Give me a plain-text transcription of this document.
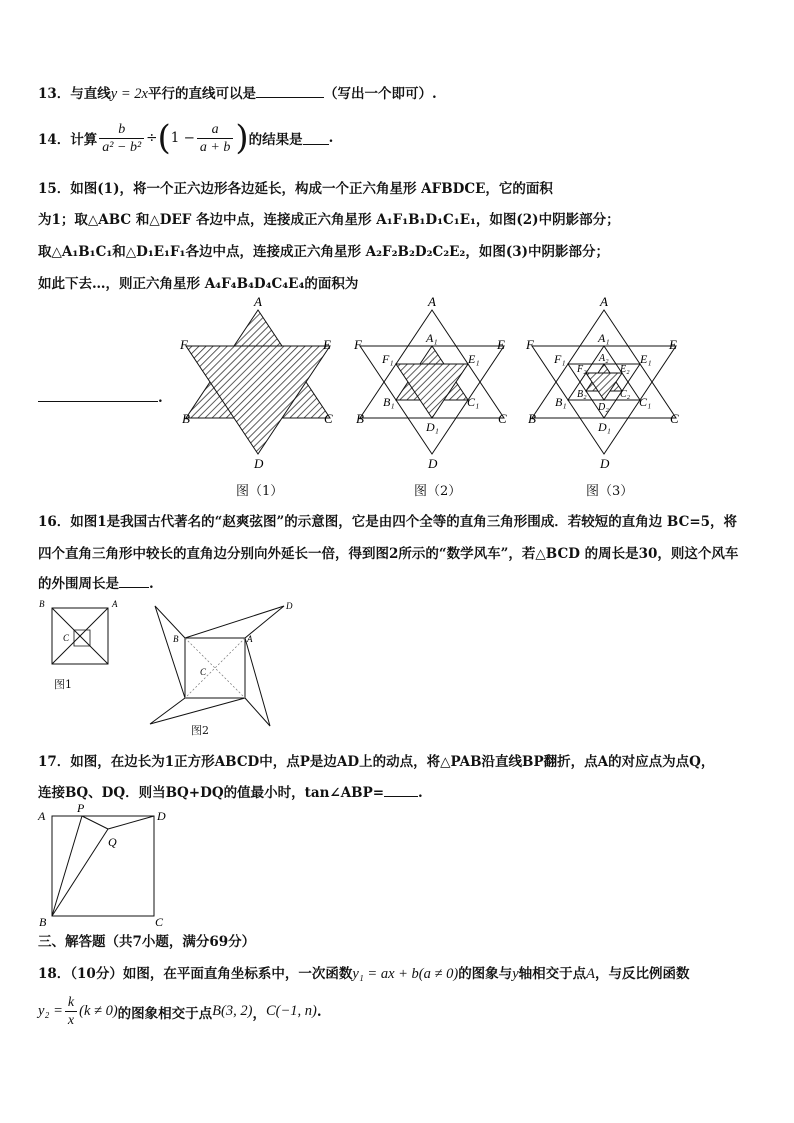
13．与直线y = 2x平行的直线可以是	（写出一个即可）.
14．计算 $\frac{b}{\text{a² − b²}}$ ÷ ( $1 - \frac{a}{a + b}$ ) 的结果是 .
15．如图(1)，将一个正六边形各边延长，构成一个正六角星形 AFBDCE，它的面积
为1；取△ABC 和△DEF 各边中点，连接成正六角星形 A₁F₁B₁D₁C₁E₁，如图(2)中阴影部分；
取△A₁B₁C₁和△D₁E₁F₁各边中点，连接成正六角星形 A₂F₂B₂D₂C₂E₂，如图(3)中阴影部分；
如此下去…，则正六角星形 A₄F₄B₄D₄C₄E₄的面积为
.
A
F	E
B	C
D
A
F	E
B	C
D
A₁
F₁	E₁
B₁	C₁
D₁
A
F	E
B	C
D
A₁
F₁	E₁
B₁	C₁
D₁
A₂
F₂	E₂
B₂	C₂
D₂
图（1）	图（2）	图（3）
16．如图1是我国古代著名的“赵爽弦图”的示意图，它是由四个全等的直角三角形围成．若较短的直角边 BC=5，将
四个直角三角形中较长的直角边分别向外延长一倍，得到图2所示的“数学风车”，若△BCD 的周长是30，则这个风车
的外围周长是 .
B	A
C	B	A
D
C
图1
图2
17．如图，在边长为1正方形ABCD中，点P是边AD上的动点，将△PAB沿直线BP翻折，点A的对应点为点Q，
连接BQ、DQ．则当BQ+DQ的值最小时，tan∠ABP=	.
A
P
D
Q
B	C
三、解答题（共7小题，满分69分）
18．（10分）如图，在平面直角坐标系中，一次函数y₁ = ax + b(a ≠ 0)的图象与y轴相交于点A，与反比例函数
$y_2 = \frac{k}{x} (k \ne 0)$ 的图象相交于点 B(3, 2) ， C(−1, n) .
